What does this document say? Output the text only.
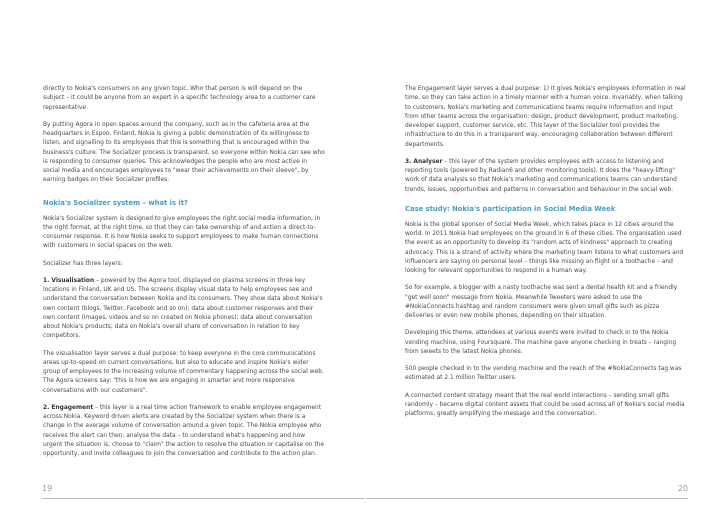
directly to Nokia's consumers on any given topic. Who that person is will depend on the subject – it could be anyone from an expert in a specific technology area to a customer care representative.

By putting Agora in open spaces around the company, such as in the cafeteria area at the headquarters in Espoo, Finland, Nokia is giving a public demonstration of its willingness to listen, and signalling to its employees that this is something that is encouraged within the business's culture. The Socializer process is transparent, so everyone within Nokia can see who is responding to consumer queries. This acknowledges the people who are most active in social media and encourages employees to "wear their achievements on their sleeve", by earning badges on their Socializer profiles.

Nokia's Socializer system – what is it?

Nokia's Socializer system is designed to give employees the right social media information, in the right format, at the right time, so that they can take ownership of and action a direct-to-consumer response. It is how Nokia seeks to support employees to make human connections with customers in social spaces on the web.

Socializer has three layers:

1. Visualisation – powered by the Agora tool, displayed on plasma screens in three key locations in Finland, UK and US. The screens display visual data to help employees see and understand the conversation between Nokia and its consumers. They show data about Nokia's own content (blogs, Twitter, Facebook and so on); data about customer responses and their own content (images, videos and so on created on Nokia phones); data about conversation about Nokia's products; data on Nokia's overall share of conversation in relation to key competitors.

The visualisation layer serves a dual purpose: to keep everyone in the core communications areas up-to-speed on current conversations, but also to educate and inspire Nokia's wider group of employees to the increasing volume of commentary happening across the social web. The Agora screens say: "this is how we are engaging in smarter and more responsive conversations with our customers".

2. Engagement – this layer is a real time action framework to enable employee engagement across Nokia. Keyword driven alerts are created by the Socializer system when there is a change in the average volume of conversation around a given topic. The Nokia employee who receives the alert can then: analyse the data – to understand what's happening and how urgent the situation is; choose to "claim" the action to resolve the situation or capitalise on the opportunity, and invite colleagues to join the conversation and contribute to the action plan.

The Engagement layer serves a dual purpose: 1) it gives Nokia's employees information in real time, so they can take action in a timely manner with a human voice. Invariably, when talking to customers, Nokia's marketing and communications teams require information and input from other teams across the organisation: design, product development, product marketing, developer support, customer service, etc. This layer of the Socializer tool provides the infrastructure to do this in a transparent way, encouraging collaboration between different departments.

3. Analyser – this layer of the system provides employees with access to listening and reporting tools (powered by Radian6 and other monitoring tools). It does the "heavy-lifting" work of data analysis so that Nokia's marketing and communications teams can understand trends, issues, opportunities and patterns in conversation and behaviour in the social web.

Case study: Nokia's participation in Social Media Week

Nokia is the global sponsor of Social Media Week, which takes place in 12 cities around the world. In 2011 Nokia had employees on the ground in 6 of these cities. The organisation used the event as an opportunity to develop its "random acts of kindness" approach to creating advocacy. This is a strand of activity where the marketing team listens to what customers and influencers are saying on personal level – things like missing an flight or a toothache – and looking for relevant opportunities to respond in a human way.

So for example, a blogger with a nasty toothache was sent a dental health kit and a friendly "get well soon" message from Nokia. Meanwhile Tweeters were asked to use the #NokiaConnects hashtag and random consumers were given small gifts such as pizza deliveries or even new mobile phones, depending on their situation.

Developing this theme, attendees at various events were invited to check in to the Nokia vending machine, using Foursquare. The machine gave anyone checking in treats – ranging from sweets to the latest Nokia phones.

500 people checked in to the vending machine and the reach of the #NokiaConnects tag was estimated at 2.1 million Twitter users.

A connected content strategy meant that the real world interactions – sending small gifts randomly – became digital content assets that could be used across all of Nokia's social media platforms, greatly amplifying the message and the conversation.

19	20
